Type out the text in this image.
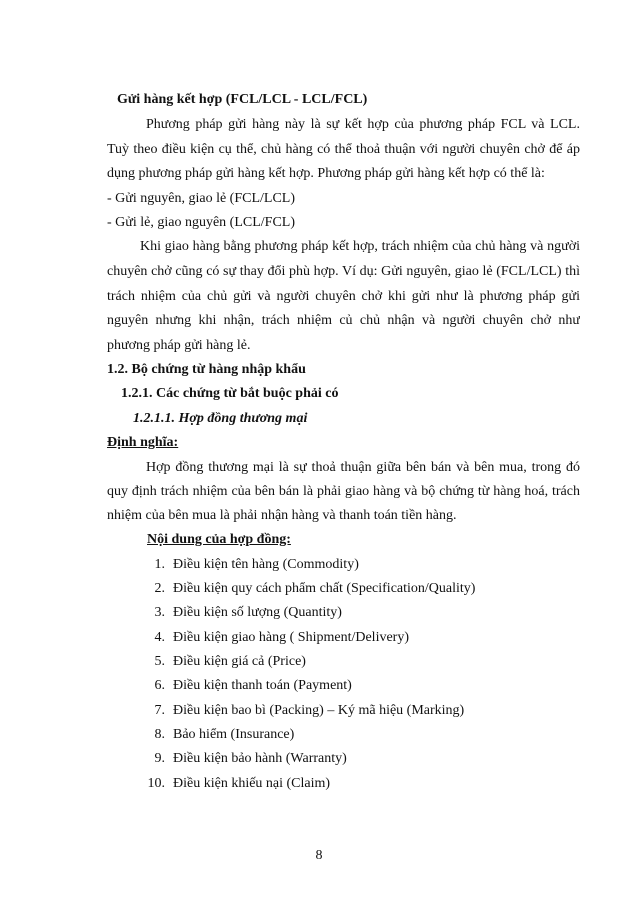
Gửi hàng kết hợp (FCL/LCL - LCL/FCL)
Phương pháp gửi hàng này là sự kết hợp của phương pháp FCL và LCL.
Tuỳ theo điều kiện cụ thể, chủ hàng có thể thoả thuận với người chuyên chở để áp
dụng phương pháp gửi hàng kết hợp. Phương pháp gửi hàng kết hợp có thể là:
- Gửi nguyên, giao lẻ (FCL/LCL)
- Gửi lẻ, giao nguyên (LCL/FCL)
Khi giao hàng bằng phương pháp kết hợp, trách nhiệm của chủ hàng và người
chuyên chở cũng có sự thay đổi phù hợp. Ví dụ: Gửi nguyên, giao lẻ (FCL/LCL) thì
trách nhiệm của chủ gửi và người chuyên chở khi gửi như là phương pháp gửi
nguyên nhưng khi nhận, trách nhiệm củ chủ nhận và người chuyên chở như
phương pháp gửi hàng lẻ.
1.2. Bộ chứng từ hàng nhập khẩu
1.2.1. Các chứng từ bắt buộc phải có
1.2.1.1. Hợp đồng thương mại
Định nghĩa:
Hợp đồng thương mại là sự thoả thuận giữa bên bán và bên mua, trong đó
quy định trách nhiệm của bên bán là phải giao hàng và bộ chứng từ hàng hoá, trách
nhiệm của bên mua là phải nhận hàng và thanh toán tiền hàng.
Nội dung của hợp đồng:
1. Điều kiện tên hàng (Commodity)
2. Điều kiện quy cách phẩm chất (Specification/Quality)
3. Điều kiện số lượng (Quantity)
4. Điều kiện giao hàng ( Shipment/Delivery)
5. Điều kiện giá cả (Price)
6. Điều kiện thanh toán (Payment)
7. Điều kiện bao bì (Packing) – Ký mã hiệu (Marking)
8. Bảo hiểm (Insurance)
9. Điều kiện bảo hành (Warranty)
10. Điều kiện khiếu nại (Claim)
8
